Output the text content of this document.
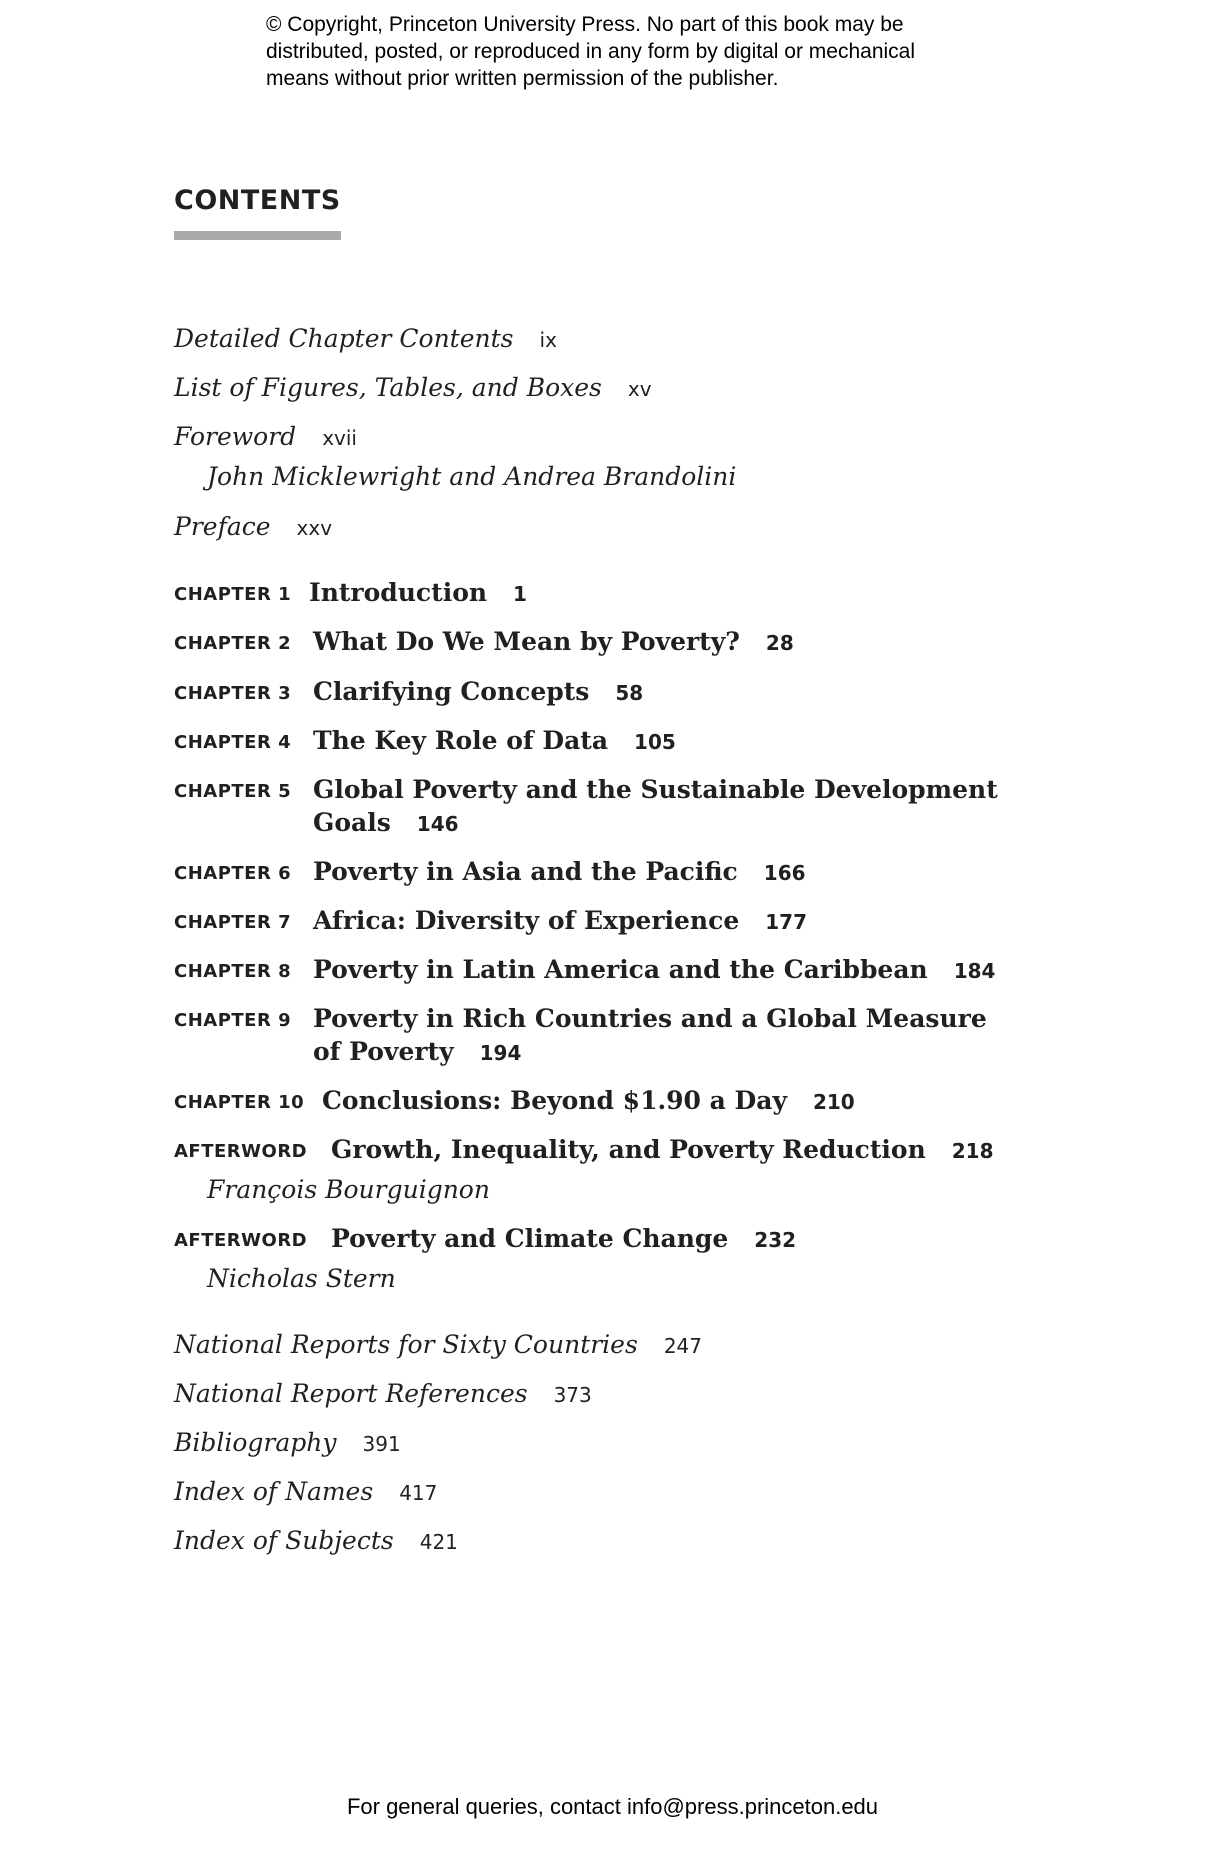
© Copyright, Princeton University Press. No part of this book may be
distributed, posted, or reproduced in any form by digital or mechanical
means without prior written permission of the publisher.
CONTENTS
Detailed Chapter Contents ix
List of Figures, Tables, and Boxes xv
Foreword xvii
John Micklewright and Andrea Brandolini
Preface xxv
CHAPTER 1 Introduction 1
CHAPTER 2 What Do We Mean by Poverty? 28
CHAPTER 3 Clarifying Concepts 58
CHAPTER 4 The Key Role of Data 105
CHAPTER 5 Global Poverty and the Sustainable Development
Goals 146
CHAPTER 6 Poverty in Asia and the Pacific 166
CHAPTER 7 Africa: Diversity of Experience 177
CHAPTER 8 Poverty in Latin America and the Caribbean 184
CHAPTER 9 Poverty in Rich Countries and a Global Measure
of Poverty 194
CHAPTER 10 Conclusions: Beyond $1.90 a Day 210
AFTERWORD Growth, Inequality, and Poverty Reduction 218
François Bourguignon
AFTERWORD Poverty and Climate Change 232
Nicholas Stern
National Reports for Sixty Countries 247
National Report References 373
Bibliography 391
Index of Names 417
Index of Subjects 421
For general queries, contact info@press.princeton.edu
